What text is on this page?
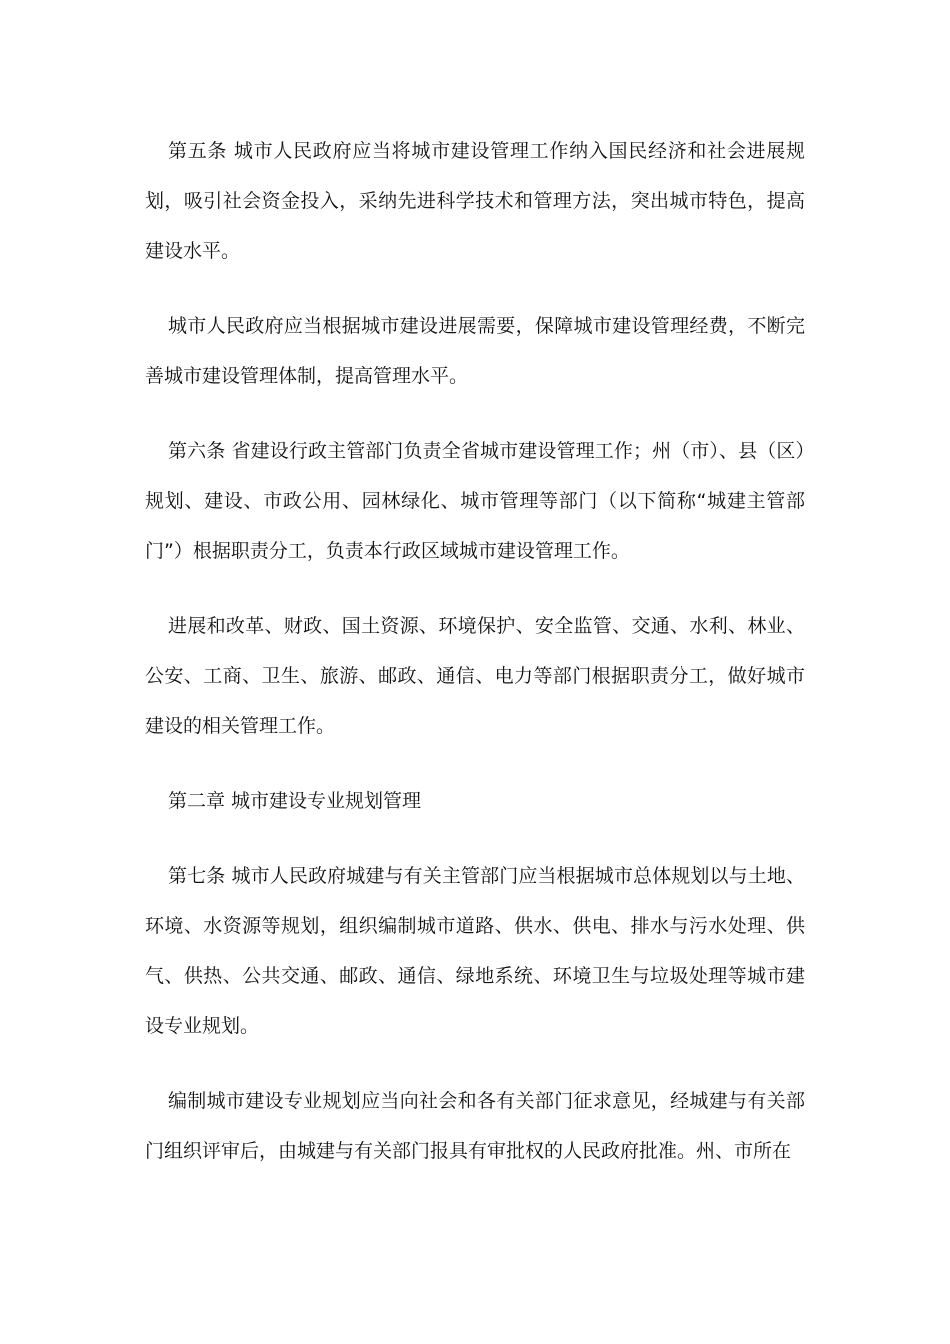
第五条 城市人民政府应当将城市建设管理工作纳入国民经济和社会进展规划，吸引社会资金投入，采纳先进科学技术和管理方法，突出城市特色，提高建设水平。

城市人民政府应当根据城市建设进展需要，保障城市建设管理经费，不断完善城市建设管理体制，提高管理水平。

第六条 省建设行政主管部门负责全省城市建设管理工作；州（市）、县（区）规划、建设、市政公用、园林绿化、城市管理等部门（以下简称“城建主管部门”）根据职责分工，负责本行政区域城市建设管理工作。

进展和改革、财政、国土资源、环境保护、安全监管、交通、水利、林业、公安、工商、卫生、旅游、邮政、通信、电力等部门根据职责分工，做好城市建设的相关管理工作。

第二章 城市建设专业规划管理

第七条 城市人民政府城建与有关主管部门应当根据城市总体规划以与土地、环境、水资源等规划，组织编制城市道路、供水、供电、排水与污水处理、供气、供热、公共交通、邮政、通信、绿地系统、环境卫生与垃圾处理等城市建设专业规划。

编制城市建设专业规划应当向社会和各有关部门征求意见，经城建与有关部门组织评审后，由城建与有关部门报具有审批权的人民政府批准。州、市所在
